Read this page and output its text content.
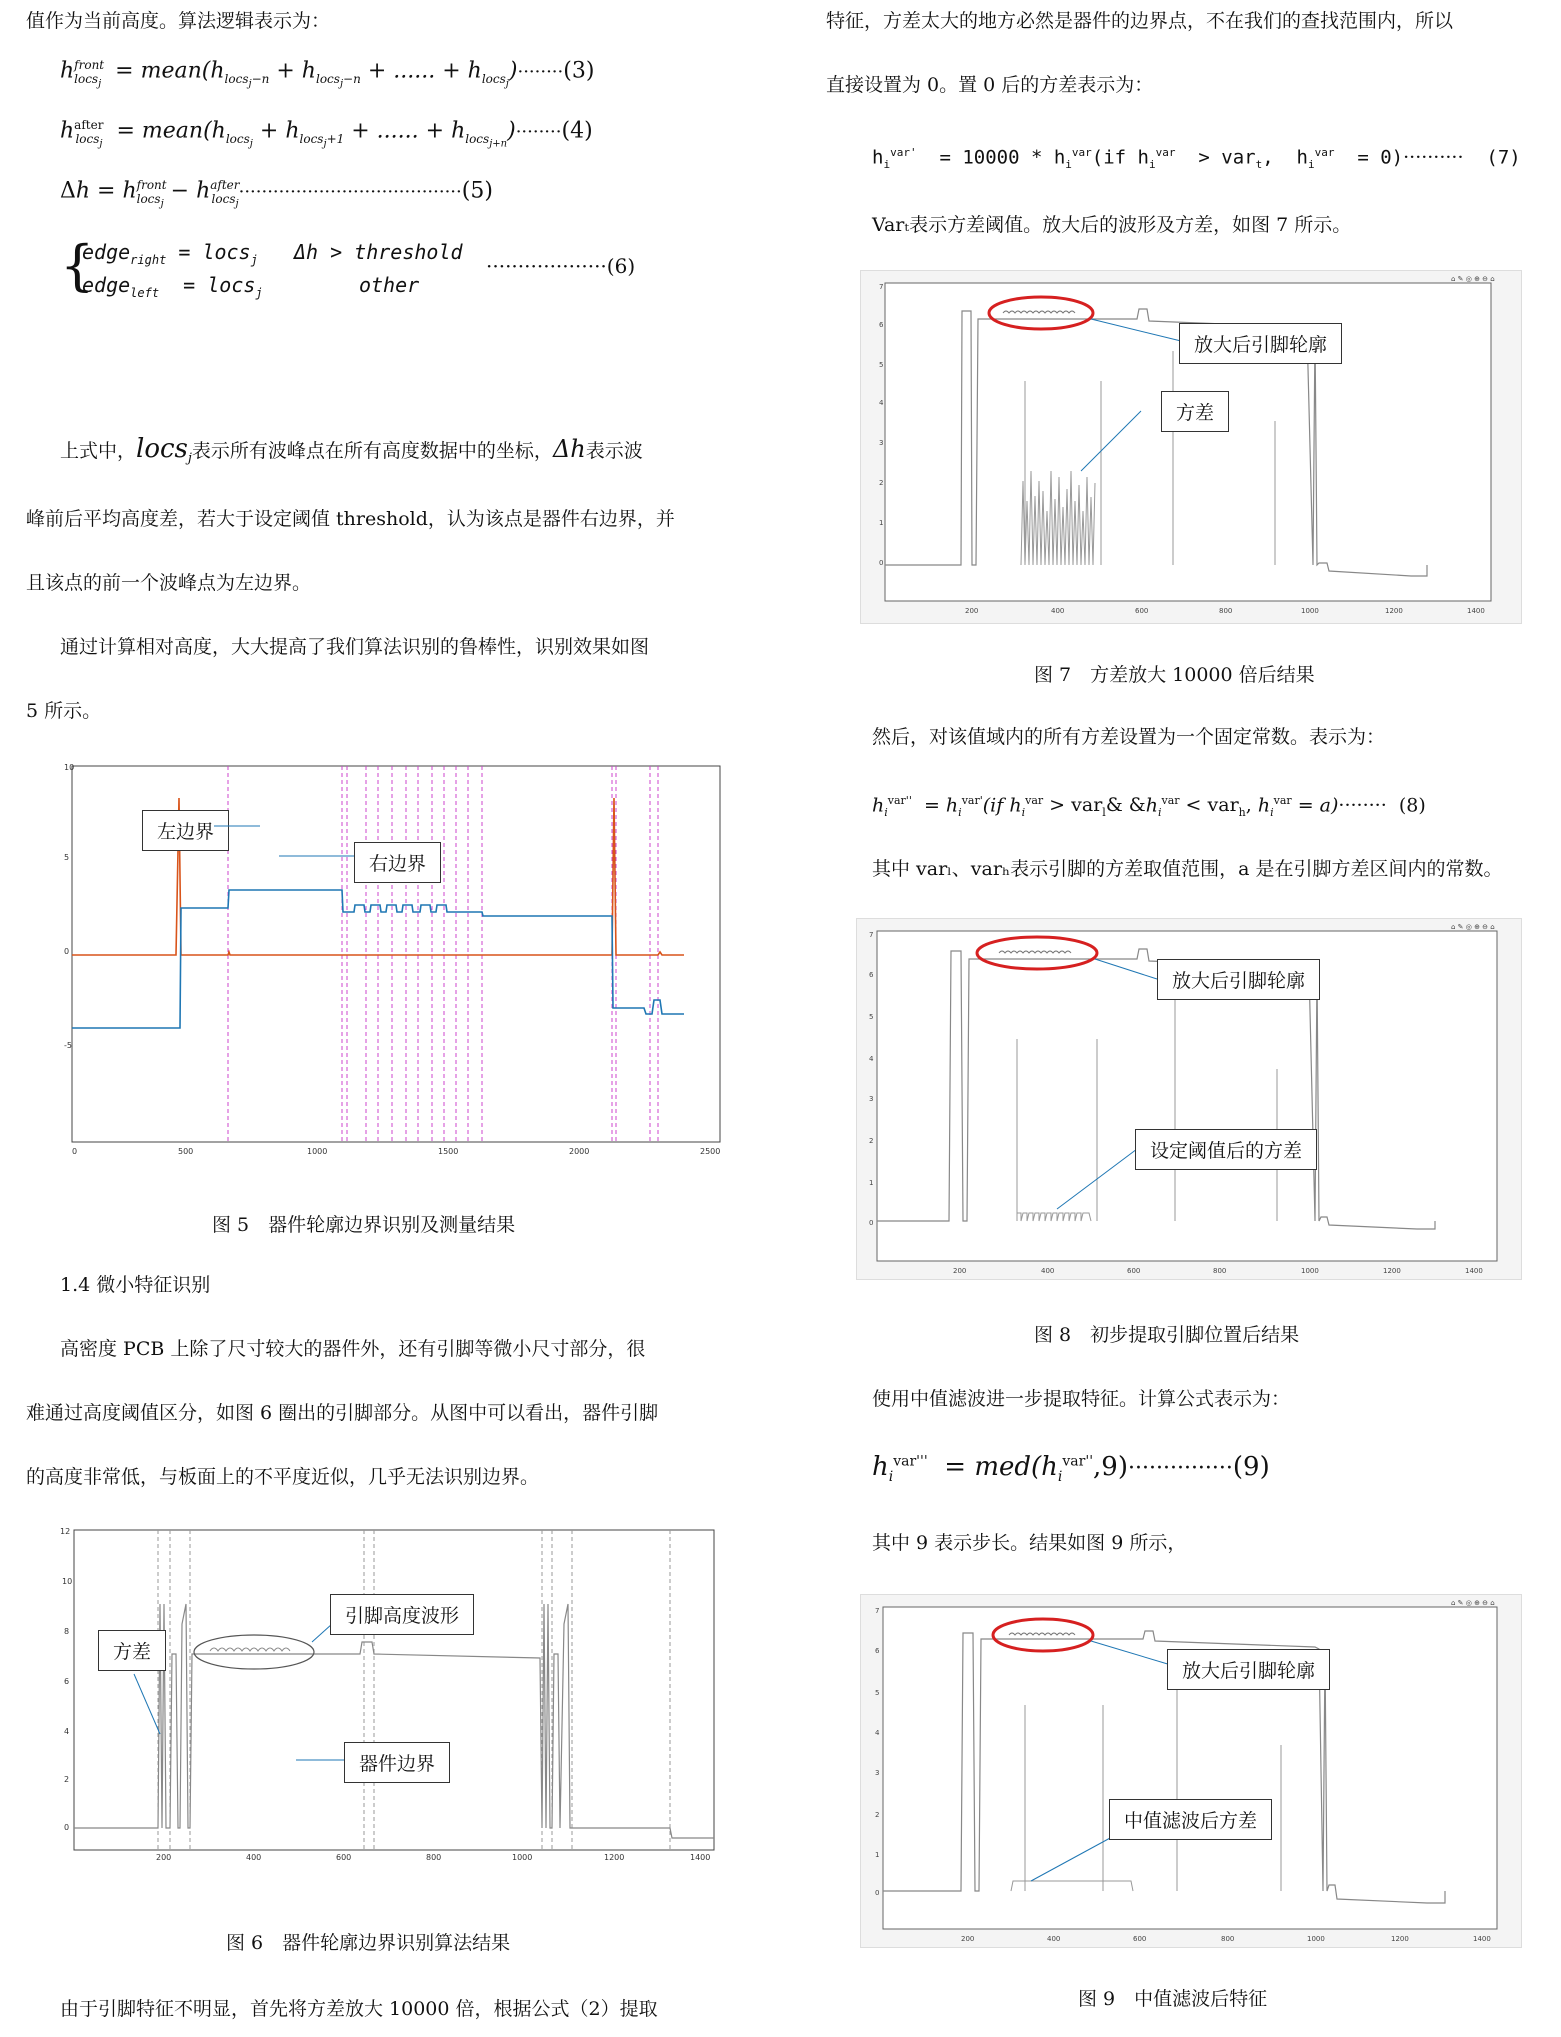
值作为当前高度。算法逻辑表示为：
$h^{front}_{locs_j}$  = $mean(h_{locs_j-n} + h_{locs_j-n}$ + ...... + $h_{locs_j})\cdot\cdot\cdot\cdot\cdot\cdot\cdot\cdot(3)$
$h^{after}_{locs_j}$  = $mean(h_{locs_j} + h_{locs_j+1}$ + ...... + $h_{locs_{j+n}})\cdot\cdot\cdot\cdot\cdot\cdot\cdot\cdot(4)$
$\Delta h = h^{front}_{locs_j} - h^{after}_{locs_j}\cdot\cdot\cdot\cdot\cdot\cdot\cdot\cdot\cdot\cdot\cdot\cdot\cdot\cdot\cdot\cdot\cdot\cdot\cdot\cdot\cdot\cdot\cdot\cdot\cdot\cdot\cdot\cdot\cdot\cdot\cdot\cdot\cdot\cdot\cdot\cdot\cdot\cdot\cdot(5)$
{
edge$_{right}$ = locs$_j$   Δh > threshold
edge$_{left}$  = locs$_j$	other
···················(6)
上式中，locs$_j$表示所有波峰点在所有高度数据中的坐标，Δh表示波
峰前后平均高度差，若大于设定阈值 threshold，认为该点是器件右边界，并
且该点的前一个波峰点为左边界。
通过计算相对高度，大大提高了我们算法识别的鲁棒性，识别效果如图
5 所示。
10
5
0
-5
0	500	1000	1500	2000	2500
左边界
右边界
图 5　器件轮廓边界识别及测量结果
1.4 微小特征识别
高密度 PCB 上除了尺寸较大的器件外，还有引脚等微小尺寸部分，很
难通过高度阈值区分，如图 6 圈出的引脚部分。从图中可以看出，器件引脚
的高度非常低，与板面上的不平度近似，几乎无法识别边界。
12
10
8
6
4
2
0
200	400	600	800	1000	1200	1400
引脚高度波形
方差
器件边界
图 6　器件轮廓边界识别算法结果
由于引脚特征不明显，首先将方差放大 10000 倍，根据公式（2）提取
特征，方差太大的地方必然是器件的边界点，不在我们的查找范围内，所以
直接设置为 0。置 0 后的方差表示为：
$h_i^{var'} = 10000 * h_i^{var}(if$ $h_i^{var} > var_t$,  $h_i^{var} = 0)\cdot\cdot\cdot\cdot\cdot\cdot\cdot\cdot\cdot\cdot (7)$
Varₜ表示方差阈值。放大后的波形及方差，如图 7 所示。
⌂ ✎ ◎ ⊕ ⊖ ⌂
7
6
5
4
3
2
1
0
200	400	600	800	1000	1200	1400
放大后引脚轮廓
方差
图 7　方差放大 10000 倍后结果
然后，对该值域内的所有方差设置为一个固定常数。表示为：
$h_i^{var''} = h_i^{var'}(if$ $h_i^{var}$ > var$_l$& $\&h_i^{var} < var_h$, $h_i^{var} = a)\cdot\cdot\cdot\cdot\cdot\cdot\cdot\cdot (8)$
其中 varₗ、varₕ表示引脚的方差取值范围，a 是在引脚方差区间内的常数。
⌂ ✎ ◎ ⊕ ⊖ ⌂
7
6
5
4
3
2
1
0
200	400	600	800	1000	1200	1400
放大后引脚轮廓
设定阈值后的方差
图 8　初步提取引脚位置后结果
使用中值滤波进一步提取特征。计算公式表示为：
$h_i^{var'''} = med(h_i^{var''},9)\cdot\cdot\cdot\cdot\cdot\cdot\cdot\cdot\cdot\cdot\cdot\cdot\cdot\cdot\cdot(9)$
其中 9 表示步长。结果如图 9 所示，
⌂ ✎ ◎ ⊕ ⊖ ⌂
7
6
5
4
3
2
1
0
200	400	600	800	1000	1200	1400
放大后引脚轮廓
中值滤波后方差
图 9　中值滤波后特征
